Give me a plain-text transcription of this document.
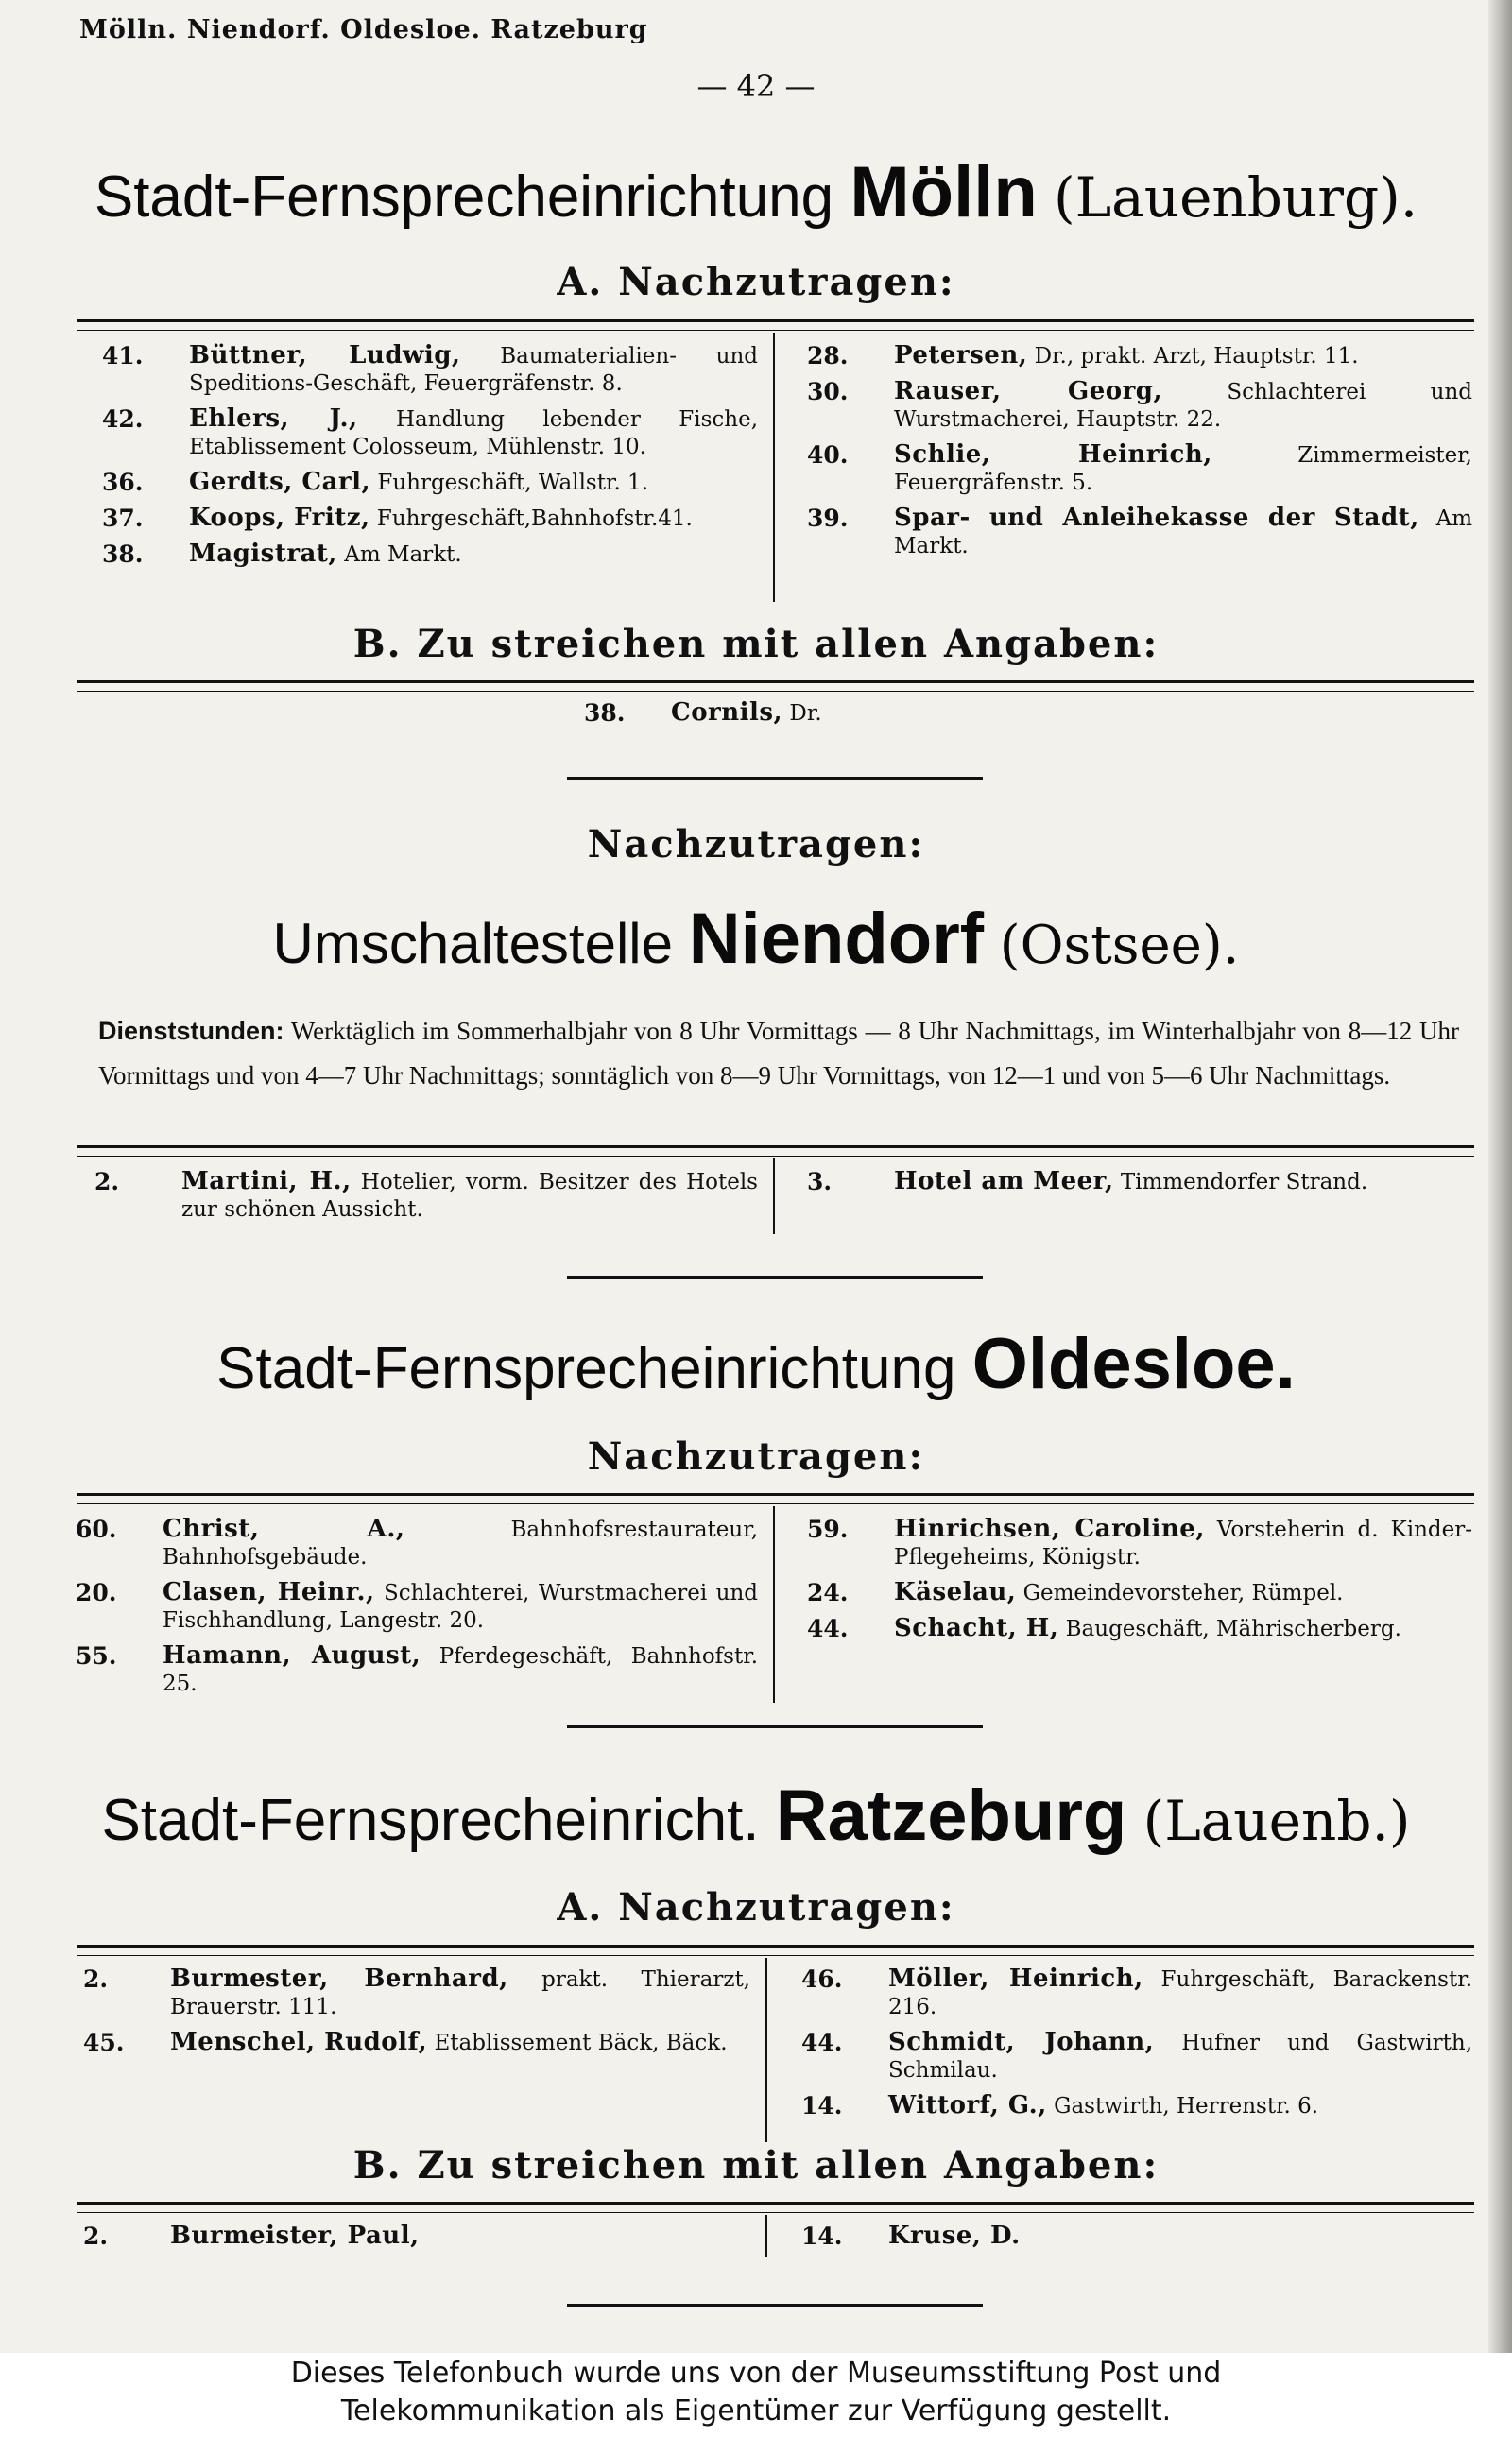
Mölln. Niendorf. Oldesloe. Ratzeburg
— 42 —
Stadt-Fernsprecheinrichtung Mölln (Lauenburg).
A. Nachzutragen:
41. Büttner, Ludwig, Baumaterialien- und Speditions-Geschäft, Feuergräfenstr. 8.
42. Ehlers, J., Handlung lebender Fische, Etablissement Colosseum, Mühlenstr. 10.
36. Gerdts, Carl, Fuhrgeschäft, Wallstr. 1.
37. Koops, Fritz, Fuhrgeschäft,Bahnhofstr.41.
38. Magistrat, Am Markt.
28. Petersen, Dr., prakt. Arzt, Hauptstr. 11.
30. Rauser, Georg,	Schlachterei und Wurstmacherei, Hauptstr. 22.
40. Schlie, Heinrich,	Zimmermeister, Feuergräfenstr. 5.
39. Spar- und Anleihekasse der Stadt, Am Markt.
B. Zu streichen mit allen Angaben:
38. Cornils, Dr.
Nachzutragen:
Umschaltestelle Niendorf (Ostsee).
Dienststunden: Werktäglich im Sommerhalbjahr von 8 Uhr Vormittags — 8 Uhr Nachmittags, im Winterhalbjahr von 8—12 Uhr Vormittags und von 4—7 Uhr Nachmittags; sonntäglich von 8—9 Uhr Vormittags, von 12—1 und von 5—6 Uhr Nachmittags.
2.	Martini, H., Hotelier, vorm. Besitzer des Hotels zur schönen Aussicht.
3.	Hotel am Meer, Timmendorfer Strand.
Stadt-Fernsprecheinrichtung Oldesloe.
Nachzutragen:
60. Christ, A.,	Bahnhofsrestaurateur, Bahnhofsgebäude.
20. Clasen, Heinr., Schlachterei, Wurstmacherei und Fischhandlung, Langestr. 20.
55. Hamann, August, Pferdegeschäft, Bahnhofstr. 25.
59. Hinrichsen, Caroline, Vorsteherin d. Kinder-Pflegeheims, Königstr.
24. Käselau, Gemeindevorsteher, Rümpel.
44. Schacht, H, Baugeschäft, Mährischerberg.
Stadt-Fernsprecheinricht. Ratzeburg (Lauenb.)
A. Nachzutragen:
2.	Burmester, Bernhard, prakt. Thierarzt, Brauerstr. 111.
45. Menschel, Rudolf, Etablissement Bäck, Bäck.
46. Möller, Heinrich, Fuhrgeschäft, Barackenstr. 216.
44. Schmidt, Johann, Hufner und Gastwirth, Schmilau.
14. Wittorf, G., Gastwirth, Herrenstr. 6.
B. Zu streichen mit allen Angaben:
2.	Burmeister, Paul,	14. Kruse, D.
Dieses Telefonbuch wurde uns von der Museumsstiftung Post und
Telekommunikation als Eigentümer zur Verfügung gestellt.
